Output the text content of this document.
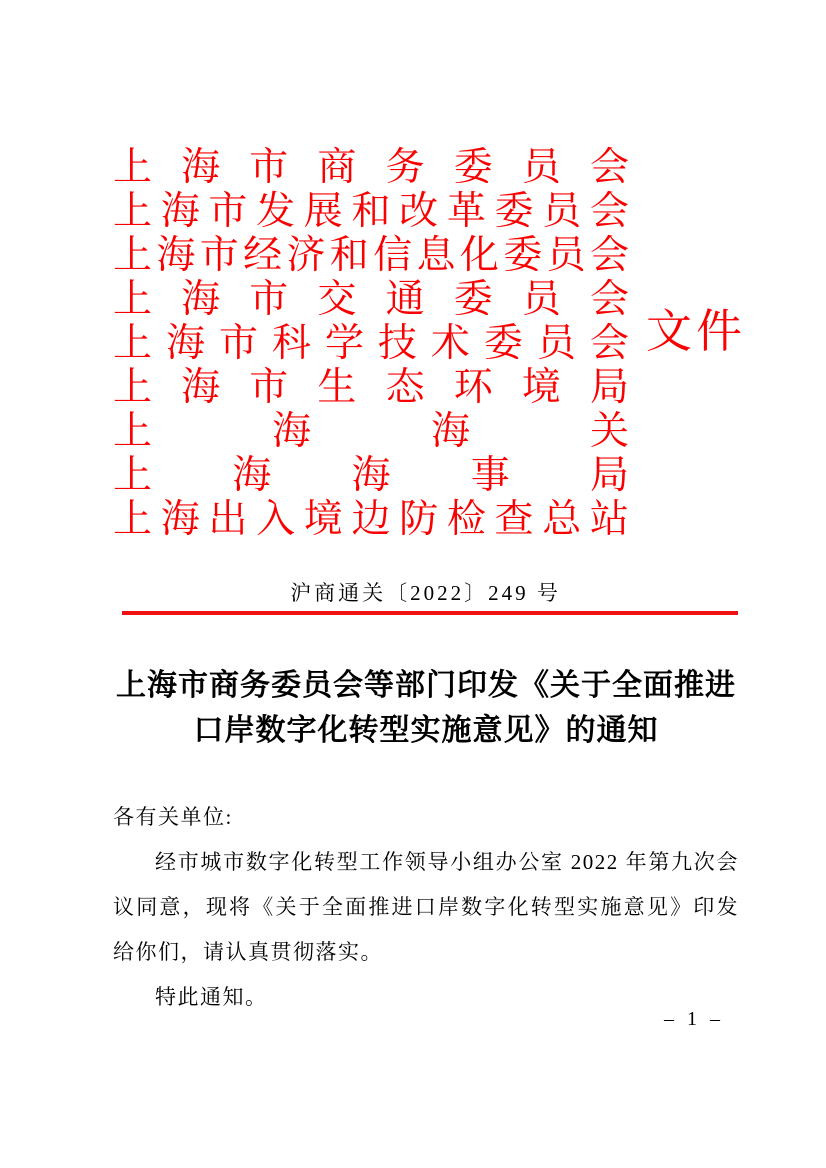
上 海 市 商 务 委 员 会
上 海 市 发 展 和 改 革 委 员 会
上 海 市 经 济 和 信 息 化 委 员 会
上 海 市 交 通 委 员 会
上 海 市 科 学 技 术 委 员 会
上 海 市 生 态 环 境 局
上	海	海	关
上 海 海 事 局
上 海 出 入 境 边 防 检 查 总 站
文件
沪商通关〔2022〕249 号
上海市商务委员会等部门印发《关于全面推进
口岸数字化转型实施意见》的通知

各有关单位:

经市城市数字化转型工作领导小组办公室 2022 年第九次会议同意，现将《关于全面推进口岸数字化转型实施意见》印发给你们，请认真贯彻落实。

特此通知。

– 1 –
